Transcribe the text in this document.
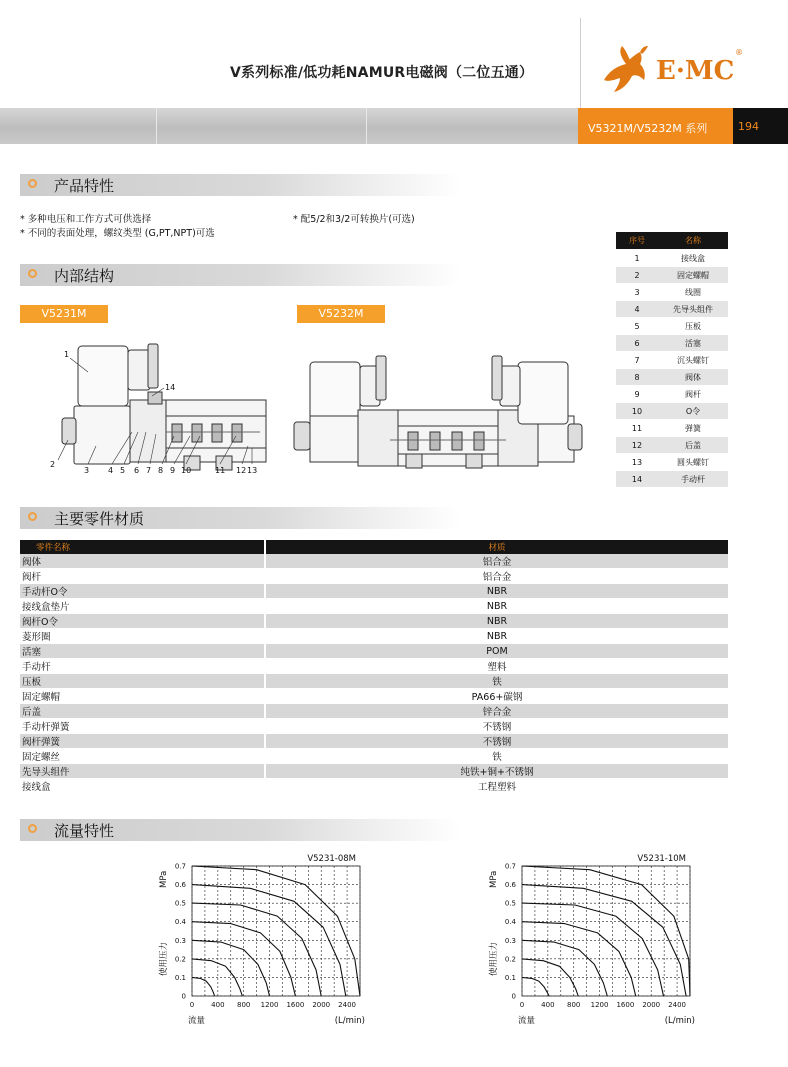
V系列标准/低功耗NAMUR电磁阀（二位五通）	E·MC
®
V5321M/V5232M 系列	194
产品特性
* 多种电压和工作方式可供选择
* 不同的表面处理，螺纹类型 (G,PT,NPT)可选
* 配5/2和3/2可转换片(可选)
内部结构
V5231M	V5232M
1
2
3 4 5 6 7 8 9 10	11 12 13
14
序号	名称
1	接线盒
2	固定螺帽
3	线圈
4	先导头组件
5	压板
6	活塞
7	沉头螺钉
8	阀体
9	阀杆
10	O令
11	弹簧
12	后盖
13	圆头螺钉
14	手动杆
主要零件材质
零件名称	材质
阀体	铝合金
阀杆	铝合金
手动杆O令	NBR
接线盒垫片	NBR
阀杆O令	NBR
菱形圈	NBR
活塞	POM
手动杆	塑料
压板	铁
固定螺帽	PA66+碳钢
后盖	锌合金
手动杆弹簧	不锈钢
阀杆弹簧	不锈钢
固定螺丝	铁
先导头组件	纯铁+铜+不锈钢
接线盒	工程塑料
流量特性
0 400 800 1200 1600 2000 2400
0
0.1
0.2
0.3
0.4
0.5
0.6
0.7
V5231-08M
流量	(L/min)
使用压力
MPa
0 400 800 1200 1600 2000 2400
0
0.1
0.2
0.3
0.4
0.5
0.6
0.7
V5231-10M
流量	(L/min)
使用压力
MPa
